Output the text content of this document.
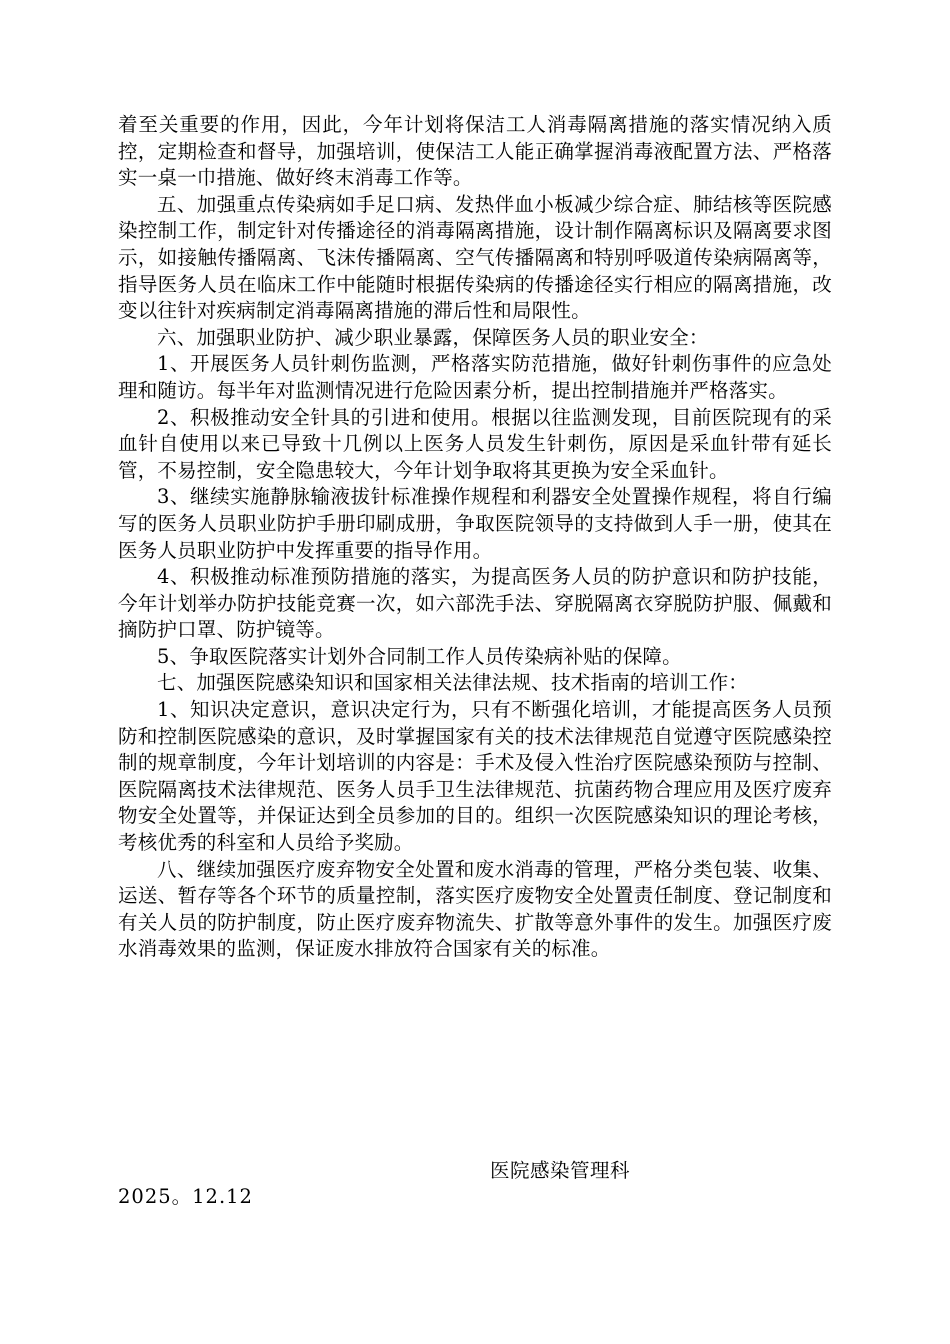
着至关重要的作用，因此，今年计划将保洁工人消毒隔离措施的落实情况纳入质控，定期检查和督导，加强培训，使保洁工人能正确掌握消毒液配置方法、严格落实一桌一巾措施、做好终末消毒工作等。

五、加强重点传染病如手足口病、发热伴血小板减少综合症、肺结核等医院感染控制工作，制定针对传播途径的消毒隔离措施，设计制作隔离标识及隔离要求图示，如接触传播隔离、飞沫传播隔离、空气传播隔离和特别呼吸道传染病隔离等，指导医务人员在临床工作中能随时根据传染病的传播途径实行相应的隔离措施，改变以往针对疾病制定消毒隔离措施的滞后性和局限性。

六、加强职业防护、减少职业暴露，保障医务人员的职业安全：

1、开展医务人员针刺伤监测，严格落实防范措施，做好针刺伤事件的应急处理和随访。每半年对监测情况进行危险因素分析，提出控制措施并严格落实。

2、积极推动安全针具的引进和使用。根据以往监测发现，目前医院现有的采血针自使用以来已导致十几例以上医务人员发生针刺伤，原因是采血针带有延长管，不易控制，安全隐患较大，今年计划争取将其更换为安全采血针。

3、继续实施静脉输液拔针标准操作规程和利器安全处置操作规程，将自行编写的医务人员职业防护手册印刷成册，争取医院领导的支持做到人手一册，使其在医务人员职业防护中发挥重要的指导作用。

4、积极推动标准预防措施的落实，为提高医务人员的防护意识和防护技能，今年计划举办防护技能竞赛一次，如六部洗手法、穿脱隔离衣穿脱防护服、佩戴和摘防护口罩、防护镜等。

5、争取医院落实计划外合同制工作人员传染病补贴的保障。

七、加强医院感染知识和国家相关法律法规、技术指南的培训工作：

1、知识决定意识，意识决定行为，只有不断强化培训，才能提高医务人员预防和控制医院感染的意识，及时掌握国家有关的技术法律规范自觉遵守医院感染控制的规章制度，今年计划培训的内容是：手术及侵入性治疗医院感染预防与控制、医院隔离技术法律规范、医务人员手卫生法律规范、抗菌药物合理应用及医疗废弃物安全处置等，并保证达到全员参加的目的。组织一次医院感染知识的理论考核，考核优秀的科室和人员给予奖励。

八、继续加强医疗废弃物安全处置和废水消毒的管理，严格分类包装、收集、运送、暂存等各个环节的质量控制，落实医疗废物安全处置责任制度、登记制度和有关人员的防护制度，防止医疗废弃物流失、扩散等意外事件的发生。加强医疗废水消毒效果的监测，保证废水排放符合国家有关的标准。

医院感染管理科
2025。12.12
